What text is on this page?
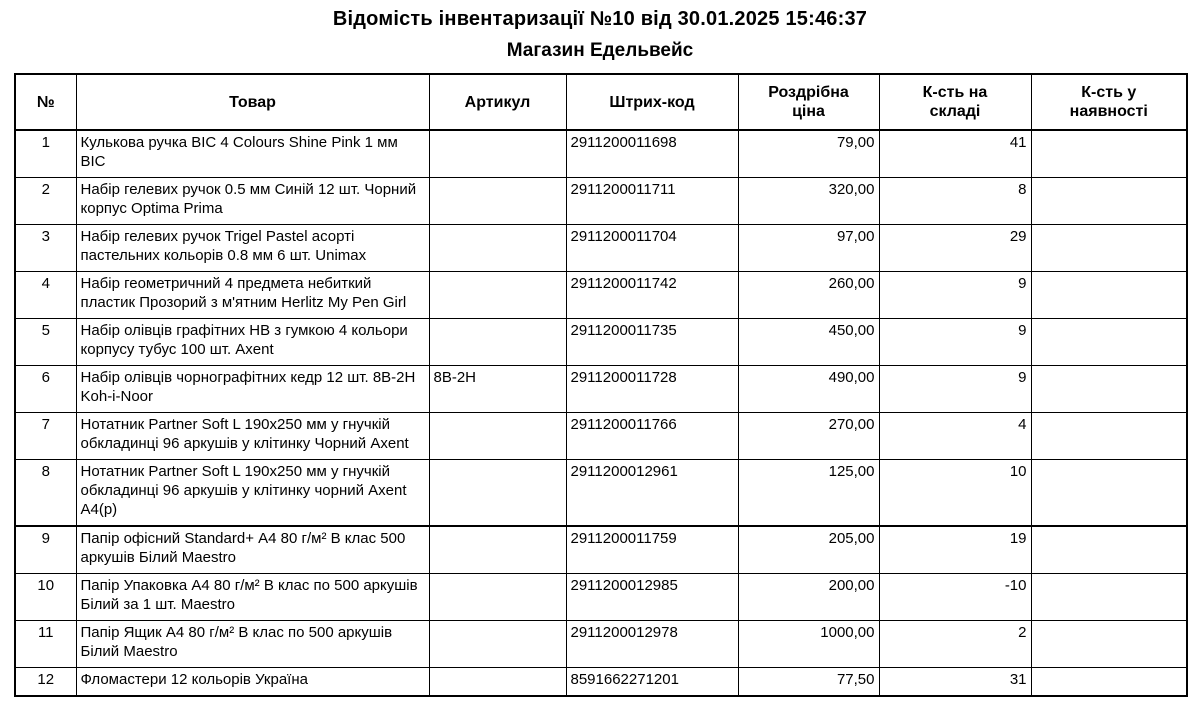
Відомість інвентаризації №10 від 30.01.2025 15:46:37
Магазин Едельвейс
№	Товар	Артикул	Штрих-код	Роздрібна ціна	К-сть на складі	К-сть у наявності
1	Кулькова ручка BIC 4 Colours Shine Pink 1 мм BIC		2911200011698	79,00	41	
2	Набір гелевих ручок 0.5 мм Синій 12 шт. Чорний корпус Optima Prima		2911200011711	320,00	8	
3	Набір гелевих ручок Trigel Pastel асорті пастельних кольорів 0.8 мм 6 шт. Unimax		2911200011704	97,00	29	
4	Набір геометричний 4 предмета небиткий пластик Прозорий з м'ятним Herlitz My Pen Girl		2911200011742	260,00	9	
5	Набір олівців графітних HB з гумкою 4 кольори корпусу тубус 100 шт. Axent		2911200011735	450,00	9	
6	Набір олівців чорнографітних кедр 12 шт. 8B-2H Koh-i-Noor	8B-2H	2911200011728	490,00	9	
7	Нотатник Partner Soft L 190x250 мм у гнучкій обкладинці 96 аркушів у клітинку Чорний Axent		2911200011766	270,00	4	
8	Нотатник Partner Soft L 190x250 мм у гнучкій обкладинці 96 аркушів у клітинку чорний Axent A4(р)		2911200012961	125,00	10	
9	Папір офісний Standard+ А4 80 г/м² В клас 500 аркушів Білий Maestro		2911200011759	205,00	19	
10	Папір Упаковка А4 80 г/м² В клас по 500 аркушів Білий за 1 шт. Maestro		2911200012985	200,00	-10	
11	Папір Ящик А4 80 г/м² В клас по 500 аркушів Білий Maestro		2911200012978	1000,00	2	
12	Фломастери 12 кольорів Україна		8591662271201	77,50	31	
